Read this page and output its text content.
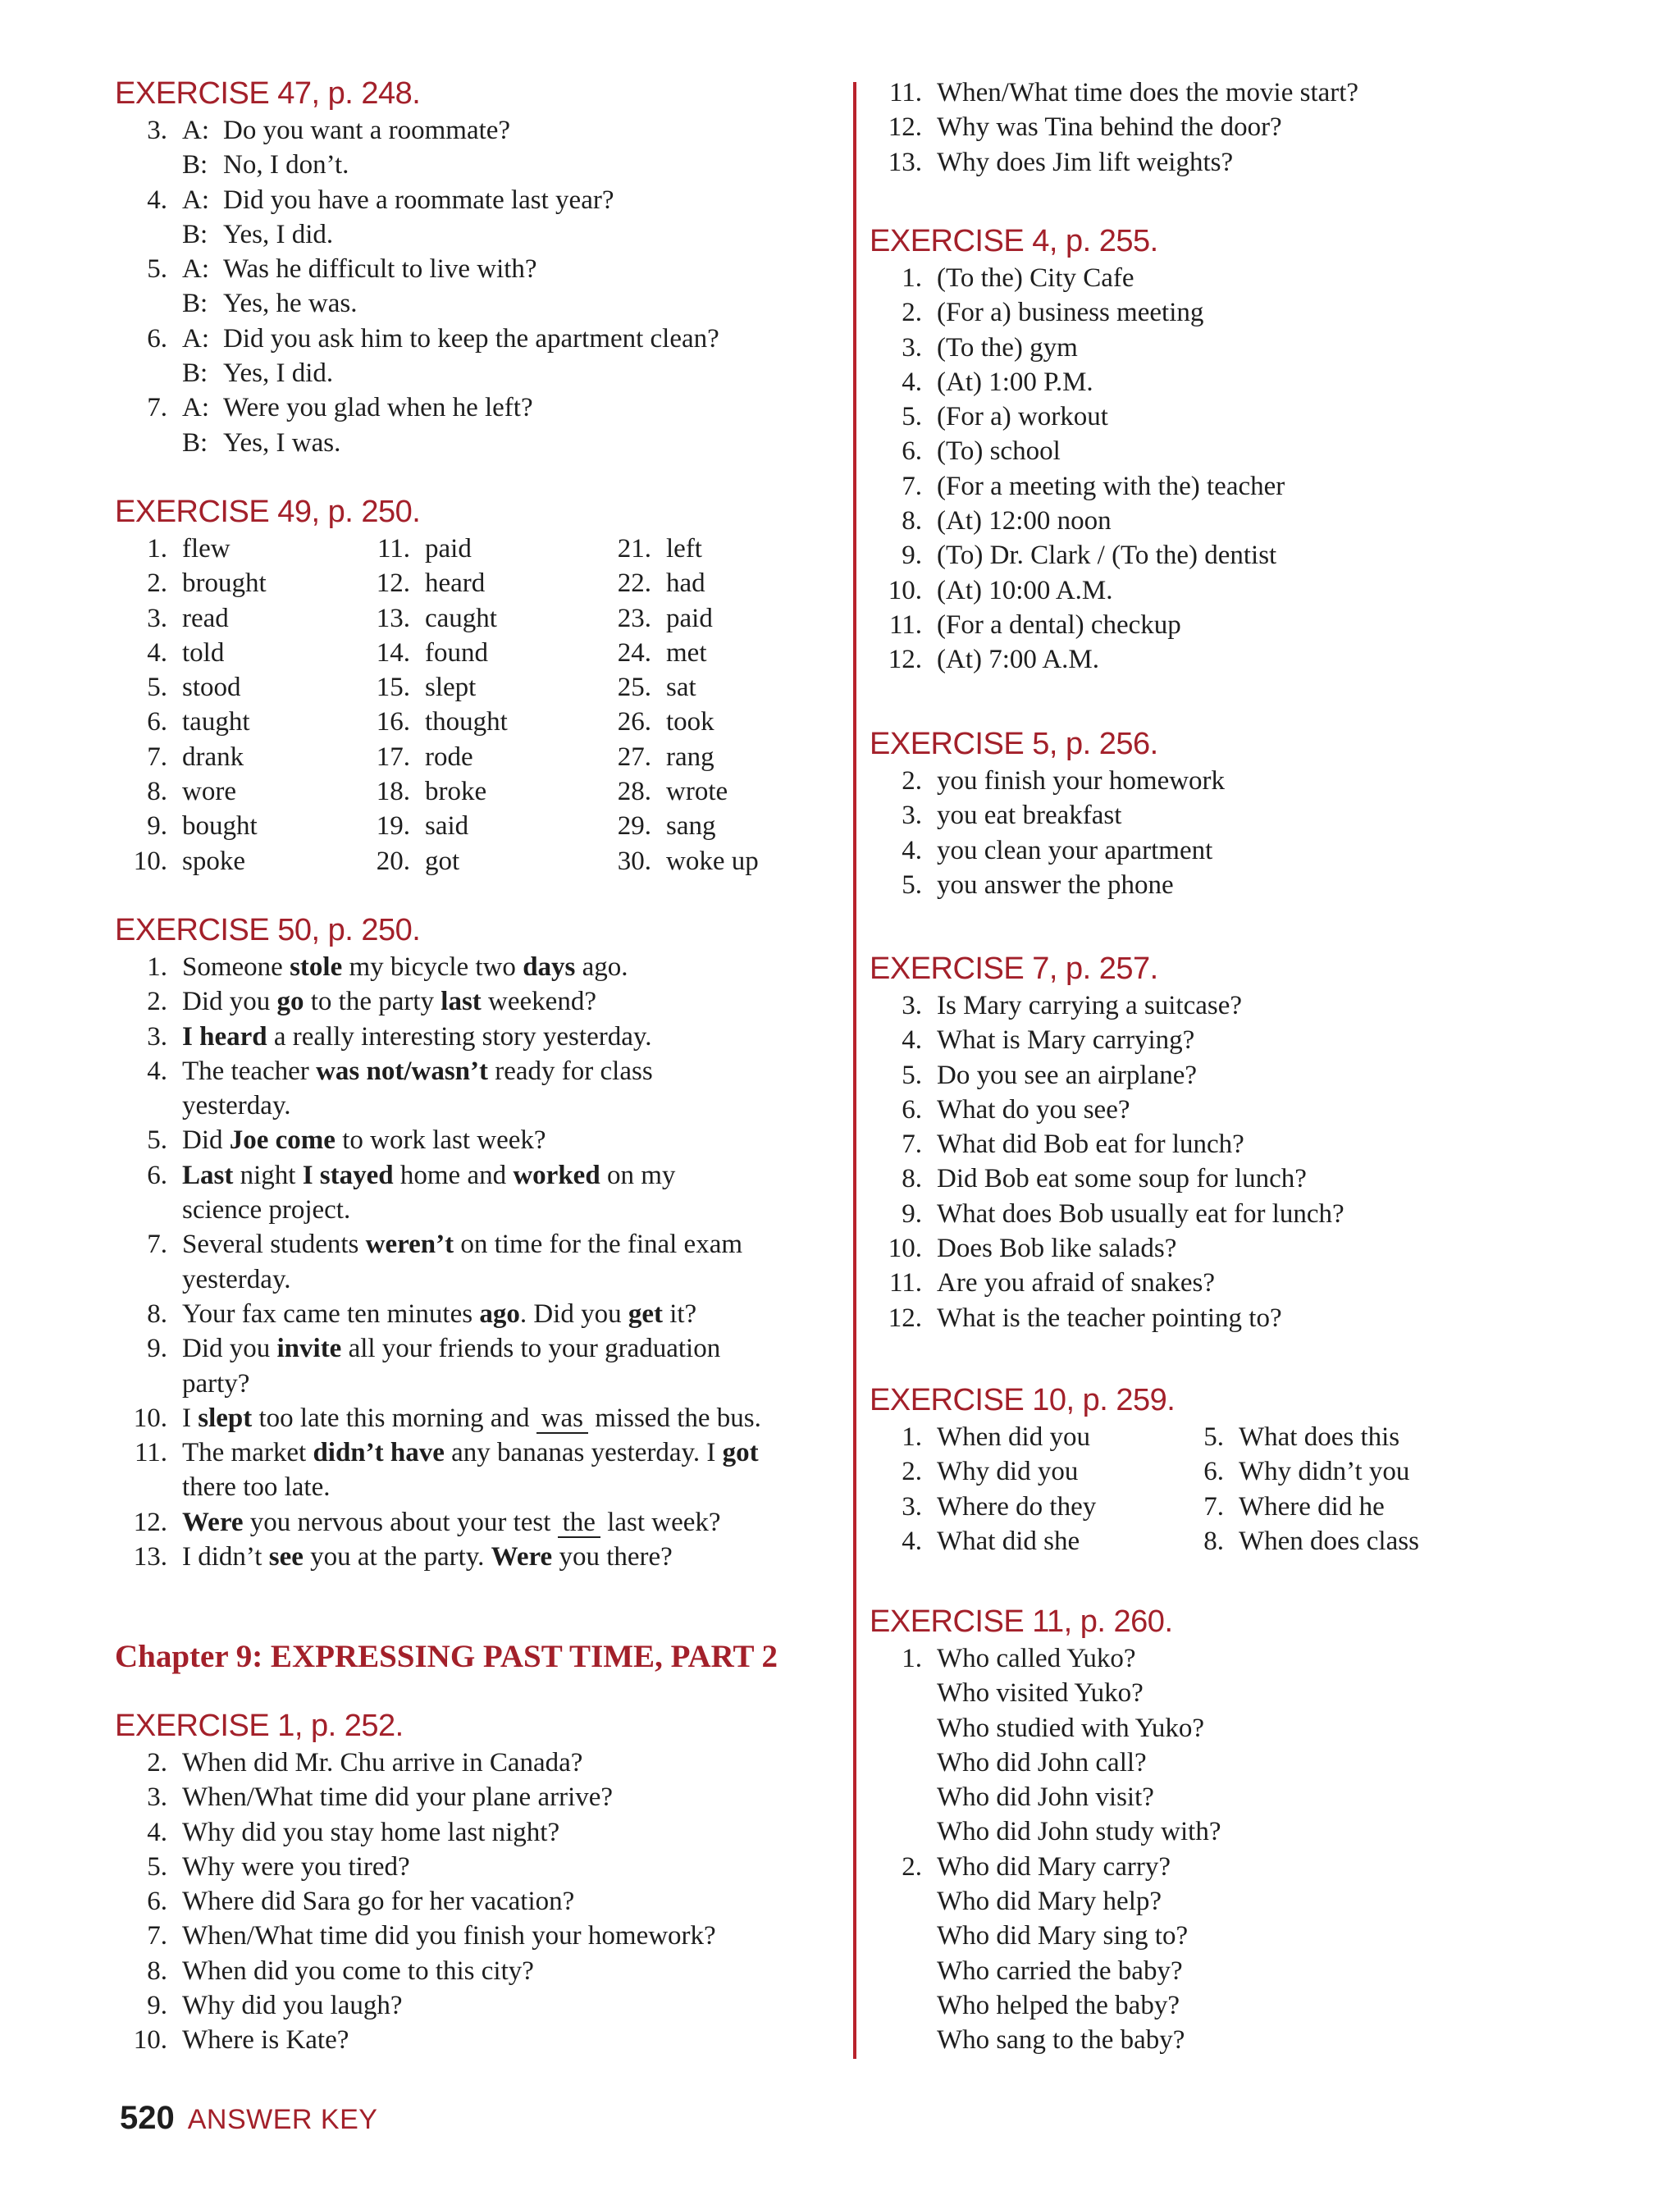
EXERCISE 47, p. 248.
3. A: Do you want a roommate?
B: No, I don’t.
4. A: Did you have a roommate last year?
B: Yes, I did.
5. A: Was he difficult to live with?
B: Yes, he was.
6. A: Did you ask him to keep the apartment clean?
B: Yes, I did.
7. A: Were you glad when he left?
B: Yes, I was.
EXERCISE 49, p. 250.
1. flew
2. brought
3. read
4. told
5. stood
6. taught
7. drank
8. wore
9. bought
10. spoke
11. paid
12. heard
13. caught
14. found
15. slept
16. thought
17. rode
18. broke
19. said
20. got
21. left
22. had
23. paid
24. met
25. sat
26. took
27. rang
28. wrote
29. sang
30. woke up
EXERCISE 50, p. 250.
1. Someone stole my bicycle two days ago.
2. Did you go to the party last weekend?
3. I heard a really interesting story yesterday.
4. The teacher was not/wasn’t ready for class
yesterday.
5. Did Joe come to work last week?
6. Last night I stayed home and worked on my
science project.
7. Several students weren’t on time for the final exam
yesterday.
8. Your fax came ten minutes ago. Did you get it?
9. Did you invite all your friends to your graduation
party?
10. I slept too late this morning and was missed the bus.
11. The market didn’t have any bananas yesterday. I got
there too late.
12. Were you nervous about your test the last week?
13. I didn’t see you at the party. Were you there?
Chapter 9: EXPRESSING PAST TIME, PART 2
EXERCISE 1, p. 252.
2. When did Mr. Chu arrive in Canada?
3. When/What time did your plane arrive?
4. Why did you stay home last night?
5. Why were you tired?
6. Where did Sara go for her vacation?
7. When/What time did you finish your homework?
8. When did you come to this city?
9. Why did you laugh?
10. Where is Kate?
11. When/What time does the movie start?
12. Why was Tina behind the door?
13. Why does Jim lift weights?
EXERCISE 4, p. 255.
1. (To the) City Cafe
2. (For a) business meeting
3. (To the) gym
4. (At) 1:00 P.M.
5. (For a) workout
6. (To) school
7. (For a meeting with the) teacher
8. (At) 12:00 noon
9. (To) Dr. Clark / (To the) dentist
10. (At) 10:00 A.M.
11. (For a dental) checkup
12. (At) 7:00 A.M.
EXERCISE 5, p. 256.
2. you finish your homework
3. you eat breakfast
4. you clean your apartment
5. you answer the phone
EXERCISE 7, p. 257.
3. Is Mary carrying a suitcase?
4. What is Mary carrying?
5. Do you see an airplane?
6. What do you see?
7. What did Bob eat for lunch?
8. Did Bob eat some soup for lunch?
9. What does Bob usually eat for lunch?
10. Does Bob like salads?
11. Are you afraid of snakes?
12. What is the teacher pointing to?
EXERCISE 10, p. 259.
1. When did you
2. Why did you
3. Where do they
4. What did she
5. What does this
6. Why didn’t you
7. Where did he
8. When does class
EXERCISE 11, p. 260.
1. Who called Yuko?
Who visited Yuko?
Who studied with Yuko?
Who did John call?
Who did John visit?
Who did John study with?
2. Who did Mary carry?
Who did Mary help?
Who did Mary sing to?
Who carried the baby?
Who helped the baby?
Who sang to the baby?
520 ANSWER KEY
